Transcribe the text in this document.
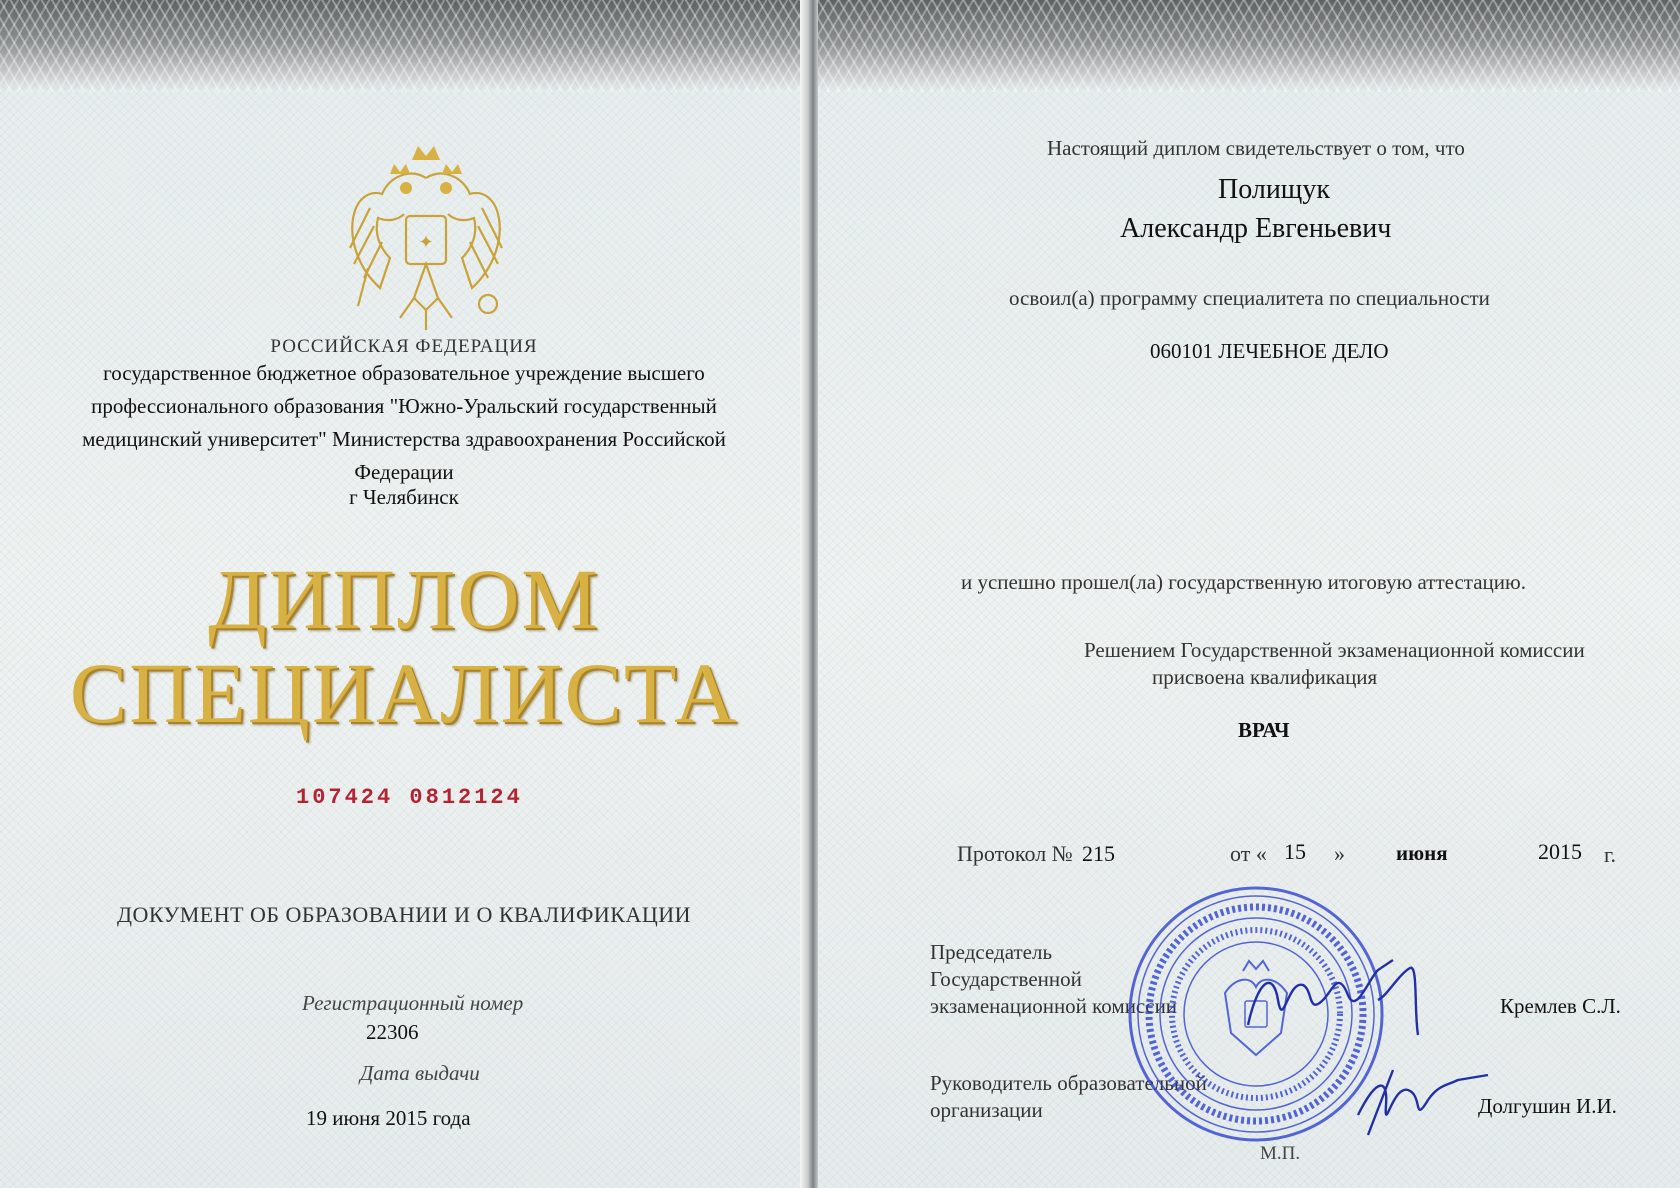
✦
РОССИЙСКАЯ ФЕДЕРАЦИЯ
государственное бюджетное образовательное учреждение высшего
профессионального образования "Южно-Уральский государственный
медицинский университет" Министерства здравоохранения Российской
Федерации
г Челябинск
ДИПЛОМ
СПЕЦИАЛИСТА
107424 0812124
ДОКУМЕНТ ОБ ОБРАЗОВАНИИ И О КВАЛИФИКАЦИИ
Регистрационный номер
22306
Дата выдачи
19 июня 2015 года
Настоящий диплом свидетельствует о том, что
Полищук
Александр Евгеньевич
освоил(а) программу специалитета по специальности
060101 ЛЕЧЕБНОЕ ДЕЛО
и успешно прошел(ла) государственную итоговую аттестацию.
Решением Государственной экзаменационной комиссии
присвоена квалификация
ВРАЧ
Протокол № 215	от « 15 » июня	2015 г.
Председатель
Государственной
экзаменационной комиссии	Кремлев С.Л.
Руководитель образовательной
организации	Долгушин И.И.
М.П.
